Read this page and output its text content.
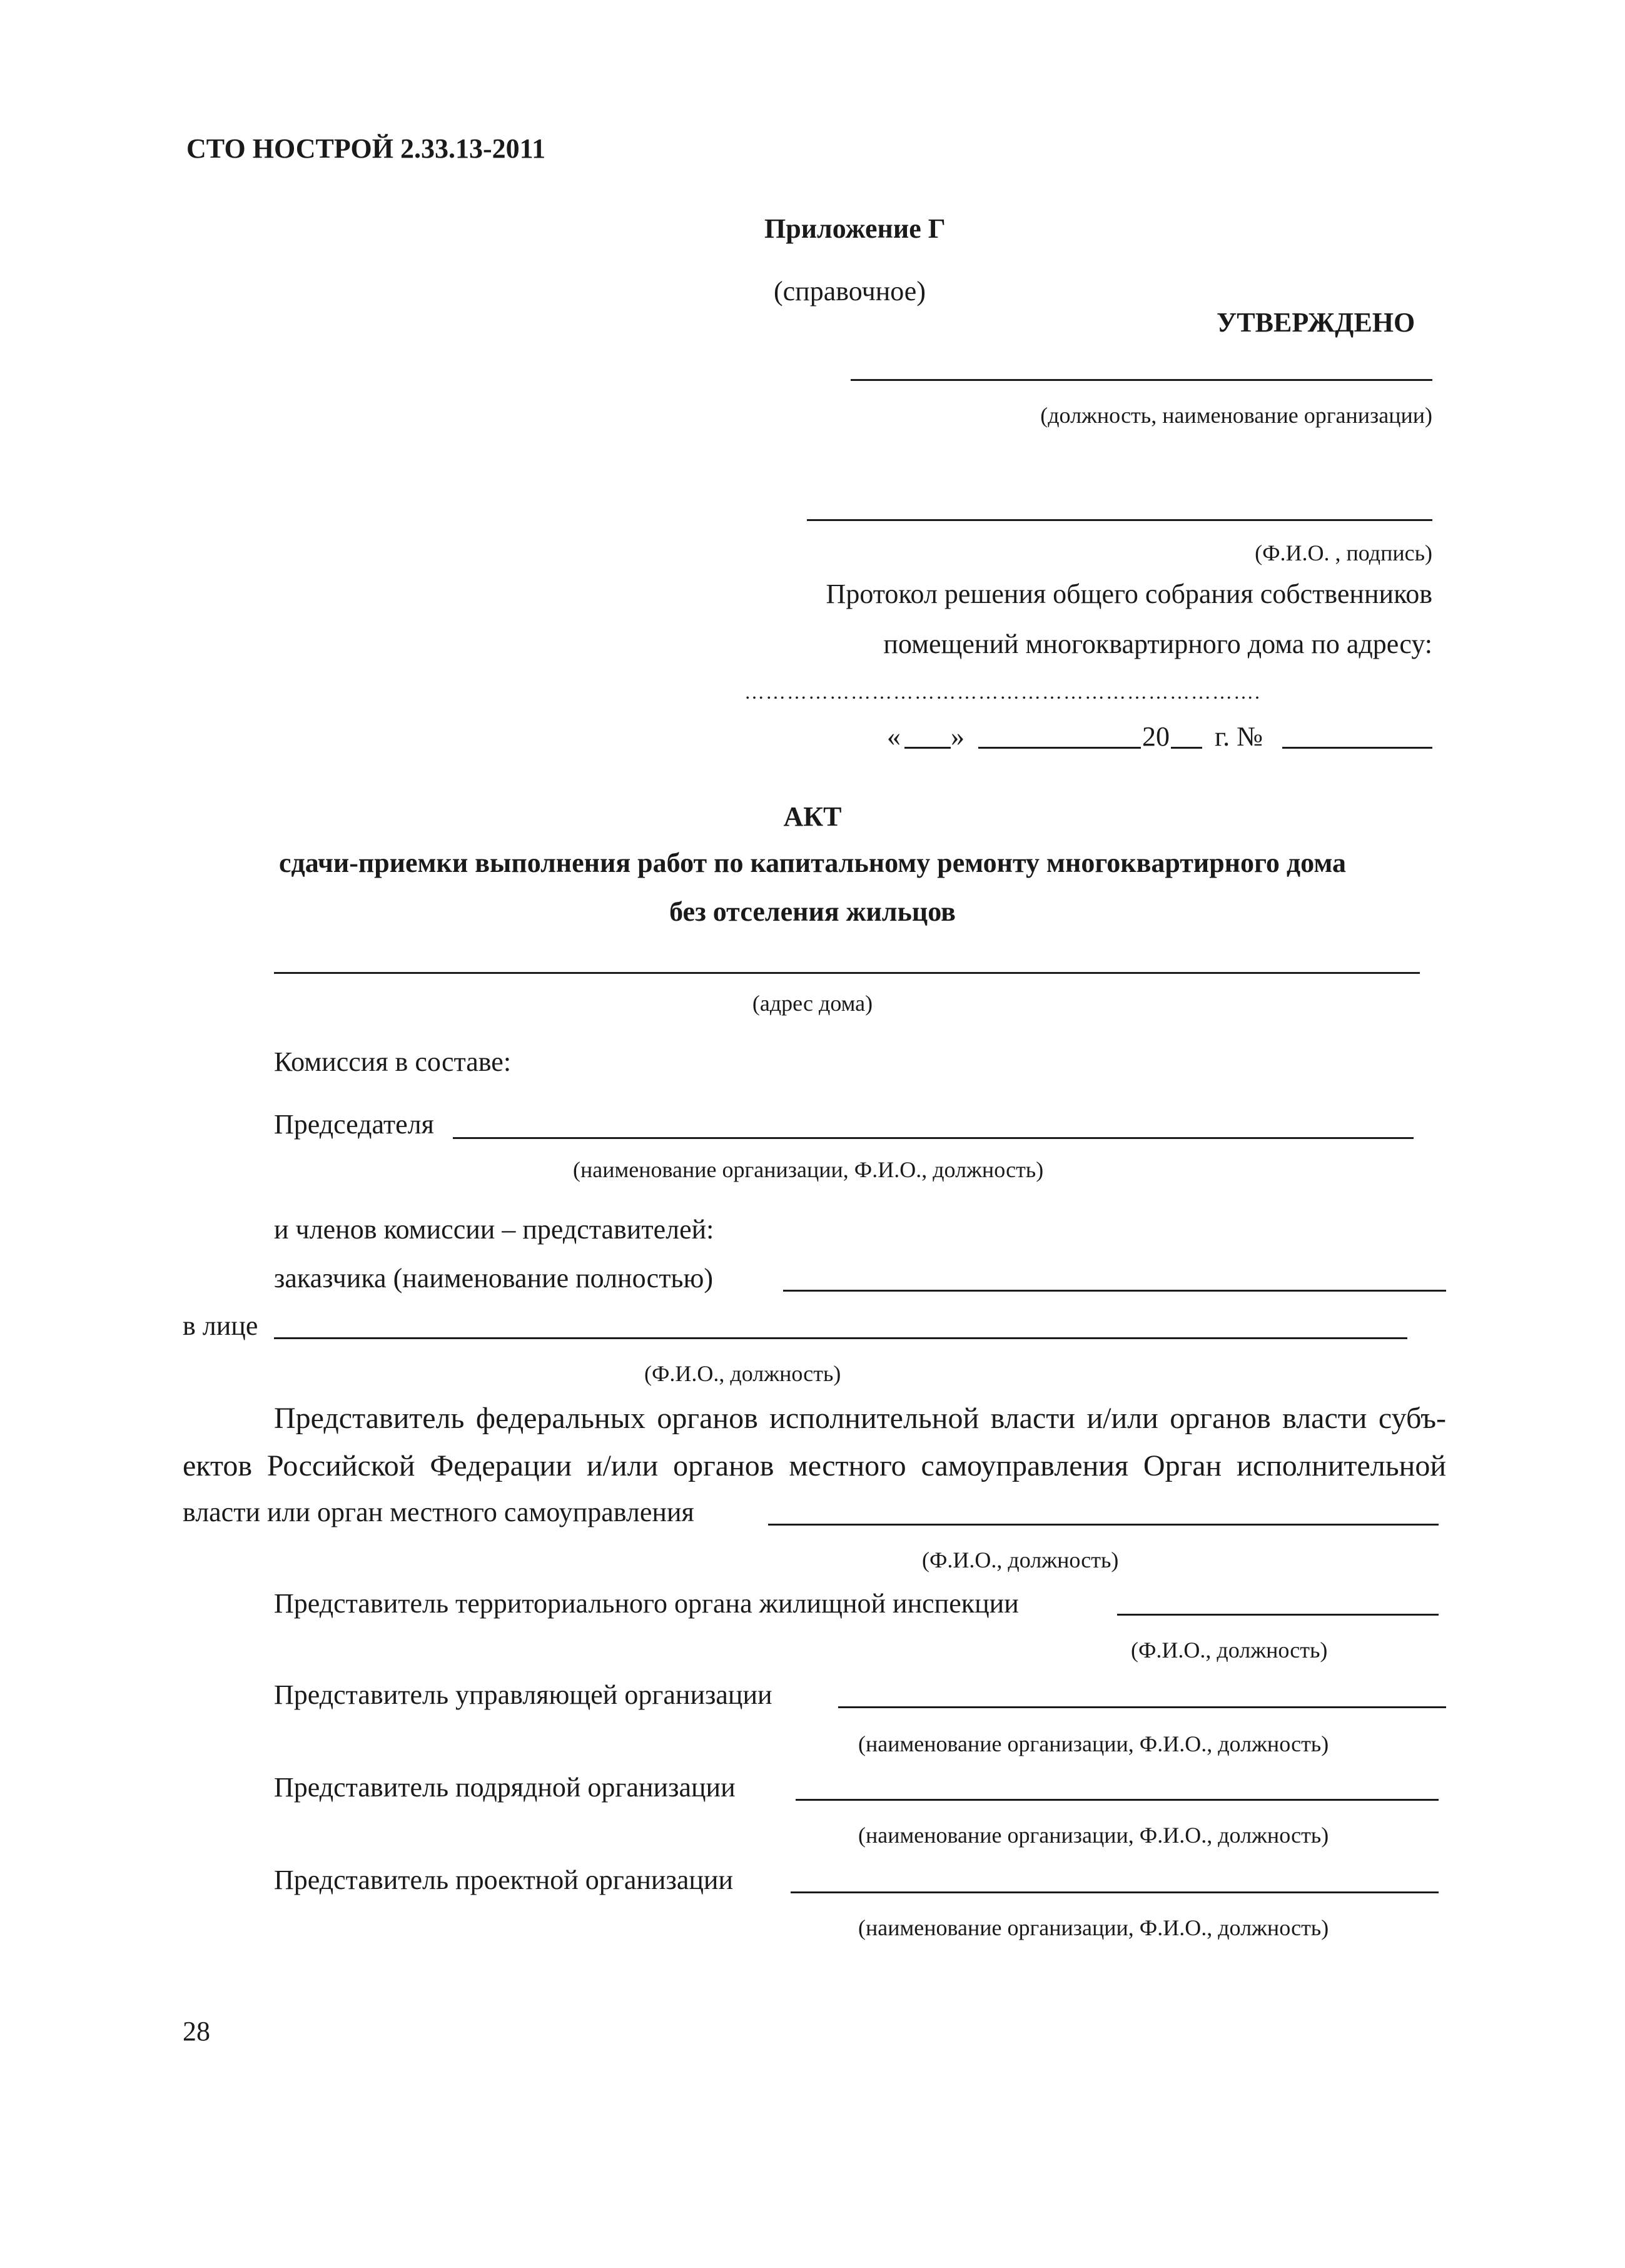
СТО НОСТРОЙ 2.33.13-2011
Приложение Г
(справочное)
УТВЕРЖДЕНО
(должность, наименование организации)
(Ф.И.О. , подпись)
Протокол решения общего собрания собственников
помещений многоквартирного дома по адресу:
……………………………………………………………….
« »	20 г. №
АКТ
сдачи-приемки выполнения работ по капитальному ремонту многоквартирного дома
без отселения жильцов
(адрес дома)
Комиссия в составе:
Председателя
(наименование организации, Ф.И.О., должность)
и членов комиссии – представителей:
заказчика (наименование полностью)
в лице
(Ф.И.О., должность)
Представитель федеральных органов исполнительной власти и/или органов власти субъ-
ектов Российской Федерации и/или органов местного самоуправления Орган исполнительной
власти или орган местного самоуправления
(Ф.И.О., должность)
Представитель территориального органа жилищной инспекции
(Ф.И.О., должность)
Представитель управляющей организации
(наименование организации, Ф.И.О., должность)
Представитель подрядной организации
(наименование организации, Ф.И.О., должность)
Представитель проектной организации
(наименование организации, Ф.И.О., должность)
28
